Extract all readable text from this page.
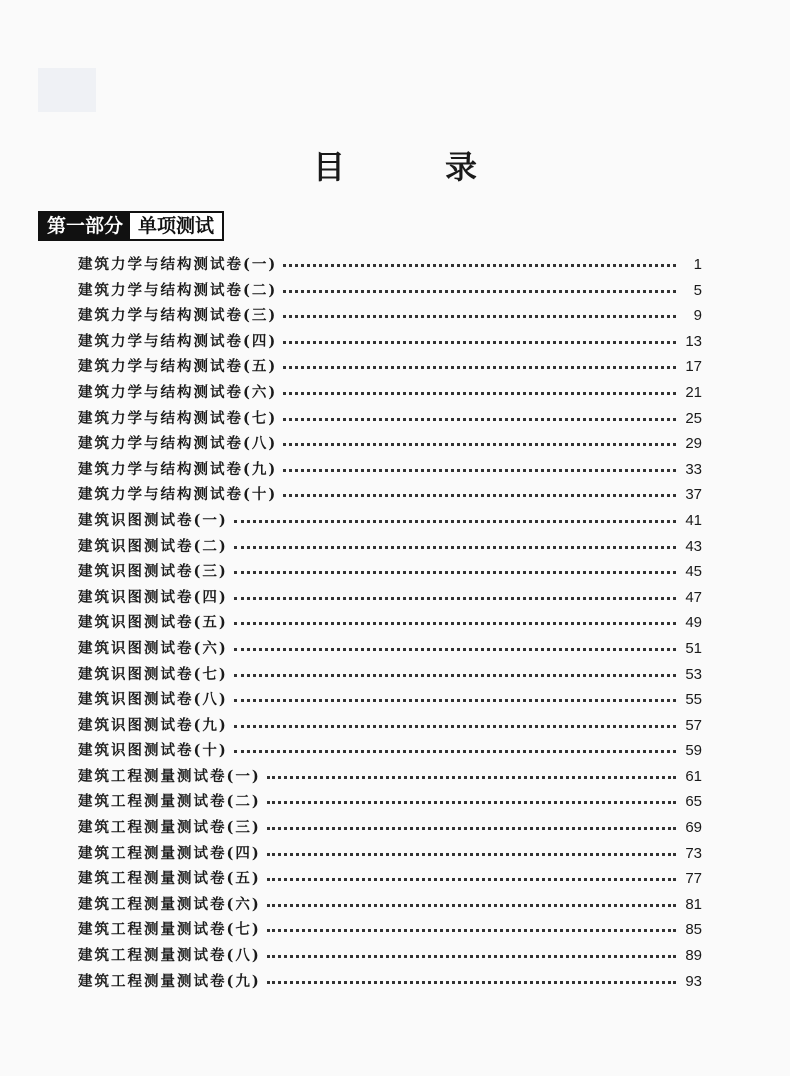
目　录
第一部分 单项测试
建筑力学与结构测试卷(一)	1
建筑力学与结构测试卷(二)	5
建筑力学与结构测试卷(三)	9
建筑力学与结构测试卷(四)	13
建筑力学与结构测试卷(五)	17
建筑力学与结构测试卷(六)	21
建筑力学与结构测试卷(七)	25
建筑力学与结构测试卷(八)	29
建筑力学与结构测试卷(九)	33
建筑力学与结构测试卷(十)	37
建筑识图测试卷(一)	41
建筑识图测试卷(二)	43
建筑识图测试卷(三)	45
建筑识图测试卷(四)	47
建筑识图测试卷(五)	49
建筑识图测试卷(六)	51
建筑识图测试卷(七)	53
建筑识图测试卷(八)	55
建筑识图测试卷(九)	57
建筑识图测试卷(十)	59
建筑工程测量测试卷(一)	61
建筑工程测量测试卷(二)	65
建筑工程测量测试卷(三)	69
建筑工程测量测试卷(四)	73
建筑工程测量测试卷(五)	77
建筑工程测量测试卷(六)	81
建筑工程测量测试卷(七)	85
建筑工程测量测试卷(八)	89
建筑工程测量测试卷(九)	93
